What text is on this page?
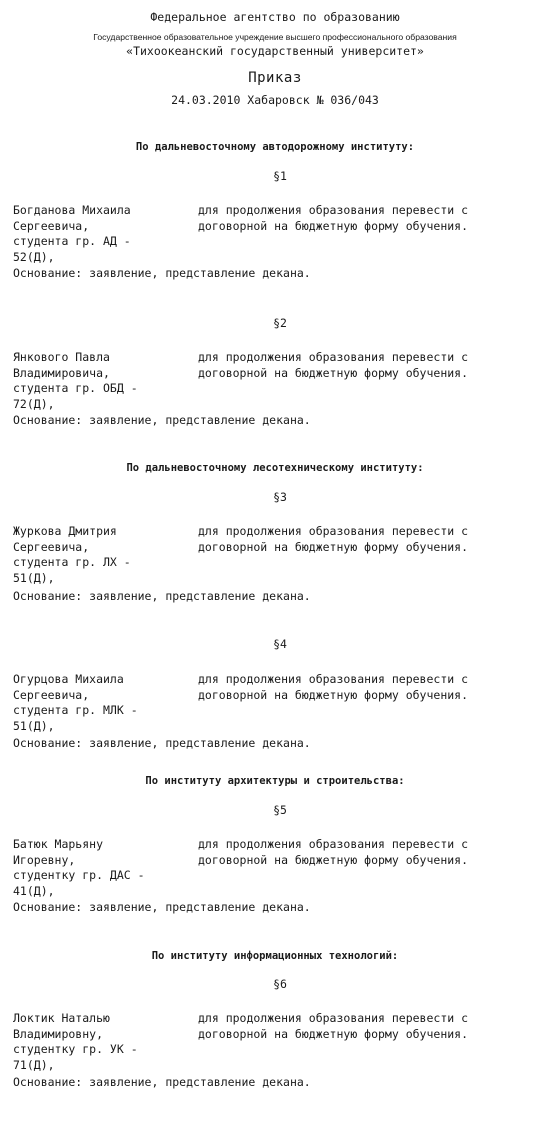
Федеральное агентство по образованию
Государственное образовательное учреждение высшего профессионального образования
«Тихоокеанский государственный университет»
Приказ
24.03.2010 Хабаровск № 036/043
По дальневосточному автодорожному институту:
§1
Богданова Михаила
Сергеевича,
студента гр. АД -
52(Д),
для продолжения образования перевести с
договорной на бюджетную форму обучения.
Основание: заявление, представление декана.
§2
Янкового Павла
Владимировича,
студента гр. ОБД -
72(Д),
для продолжения образования перевести с
договорной на бюджетную форму обучения.
Основание: заявление, представление декана.
По дальневосточному лесотехническому институту:
§3
Журкова Дмитрия
Сергеевича,
студента гр. ЛХ -
51(Д),
для продолжения образования перевести с
договорной на бюджетную форму обучения.
Основание: заявление, представление декана.
§4
Огурцова Михаила
Сергеевича,
студента гр. МЛК -
51(Д),
для продолжения образования перевести с
договорной на бюджетную форму обучения.
Основание: заявление, представление декана.
По институту архитектуры и строительства:
§5
Батюк Марьяну
Игоревну,
студентку гр. ДАС -
41(Д),
для продолжения образования перевести с
договорной на бюджетную форму обучения.
Основание: заявление, представление декана.
По институту информационных технологий:
§6
Локтик Наталью
Владимировну,
студентку гр. УК -
71(Д),
для продолжения образования перевести с
договорной на бюджетную форму обучения.
Основание: заявление, представление декана.
